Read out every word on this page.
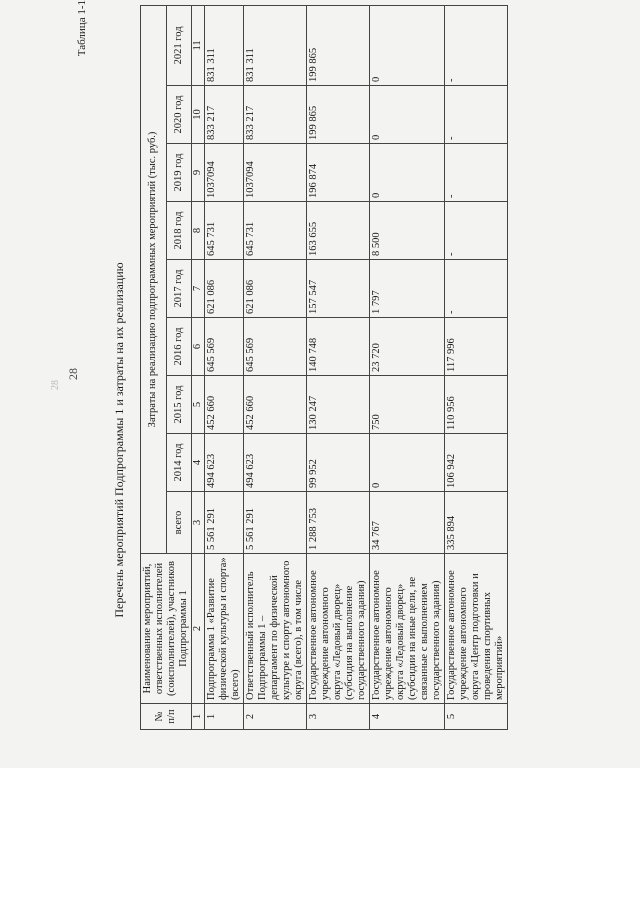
28
28
Таблица 1-1
Перечень мероприятий Подпрограммы 1 и затраты на их реализацию
№ п/п	Наименование мероприятий, ответственных исполнителей (соисполнителей), участников Подпрограммы 1	Затраты на реализацию подпрограммных мероприятий (тыс. руб.)								
		всего	2014 год	2015 год	2016 год	2017 год	2018 год	2019 год	2020 год	2021 год
1	2	3	4	5	6	7	8	9	10	11
1	Подпрограмма 1 «Развитие физической культуры и спорта» (всего)	5 561 291	494 623	452 660	645 569	621 086	645 731	1037094	833 217	831 311
2	Ответственный исполнитель Подпрограммы 1 – департамент по физической культуре и спорту автономного округа (всего), в том числе	5 561 291	494 623	452 660	645 569	621 086	645 731	1037094	833 217	831 311
3	Государственное автономное учреждение автономного округа «Ледовый дворец» (субсидия на выполнение государственного задания)	1 288 753	99 952	130 247	140 748	157 547	163 655	196 874	199 865	199 865
4	Государственное автономное учреждение автономного округа «Ледовый дворец» (субсидии на иные цели, не связанные с выполнением государственного задания)	34 767	0	750	23 720	1 797	8 500	0	0	0
5	Государственное автономное учреждение автономного округа «Центр подготовки и проведения спортивных мероприятий»	335 894	106 942	110 956	117 996	-	-	-	-	-
